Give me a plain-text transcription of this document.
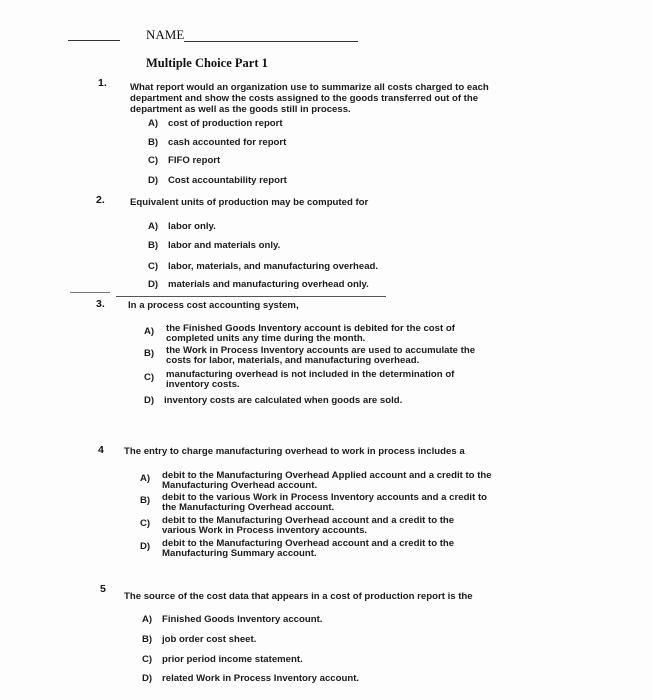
NAME
Multiple Choice Part 1
1. What report would an organization use to summarize all costs charged to each department and show the costs assigned to the goods transferred out of the department as well as the goods still in process.
A) cost of production report
B) cash accounted for report
C) FIFO report
D) Cost accountability report
2.	Equivalent units of production may be computed for
A) labor only.
B) labor and materials only.
C) labor, materials, and manufacturing overhead.
D) materials and manufacturing overhead only.
3. In a process cost accounting system,
A) the Finished Goods Inventory account is debited for the cost of completed units any time during the month.
B) the Work in Process Inventory accounts are used to accumulate the costs for labor, materials, and manufacturing overhead.
C) manufacturing overhead is not included in the determination of inventory costs.
D) inventory costs are calculated when goods are sold.
4 The entry to charge manufacturing overhead to work in process includes a
A) debit to the Manufacturing Overhead Applied account and a credit to the Manufacturing Overhead account.
B) debit to the various Work in Process Inventory accounts and a credit to the Manufacturing Overhead account.
C) debit to the Manufacturing Overhead account and a credit to the various Work in Process inventory accounts.
D) debit to the Manufacturing Overhead account and a credit to the Manufacturing Summary account.
5
The source of the cost data that appears in a cost of production report is the
A) Finished Goods Inventory account.
B) job order cost sheet.
C) prior period income statement.
D) related Work in Process Inventory account.
